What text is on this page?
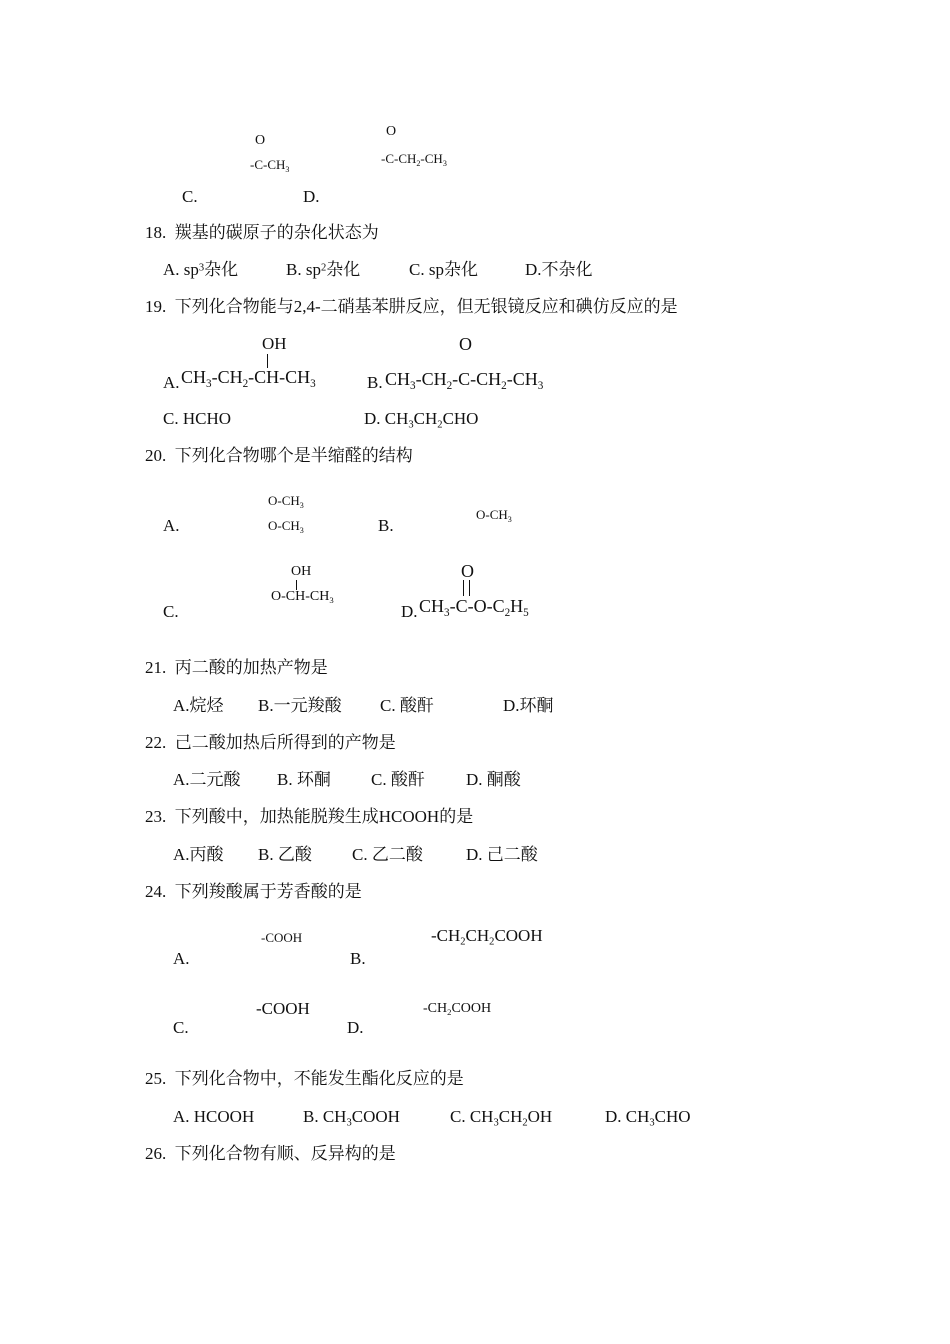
O
$-C-CH_3$
O
$-C-CH_2-CH_3$
C.	D.
18. 羰基的碳原子的杂化状态为
A. $sp^3$杂化	B. $sp^2$杂化	C. sp杂化	D.不杂化
19. 下列化合物能与2,4-二硝基苯肼反应，但无银镜反应和碘仿反应的是
OH
A. $CH_3-CH_2-CH-CH_3$
O
B. $CH_3-CH_2-C-CH_2-CH_3$
C. HCHO	D. $CH_3CH_2CHO$
20. 下列化合物哪个是半缩醛的结构
$O-CH_3$
$O-CH_3$
A.	B.
$O-CH_3$
OH
$O-CH-CH_3$
C.
O
D. $CH_3-C-O-C_2H_5$
21. 丙二酸的加热产物是
A.烷烃 B.一元羧酸 C. 酸酐	D.环酮
22. 己二酸加热后所得到的产物是
A.二元酸 B. 环酮 C. 酸酐 D. 酮酸
23. 下列酸中，加热能脱羧生成HCOOH的是
A.丙酸 B. 乙酸 C. 乙二酸	D. 己二酸
24. 下列羧酸属于芳香酸的是
-COOH	$-CH_2CH_2COOH$
A.	B.
-COOH	$-CH_2COOH$
C.	D.
25. 下列化合物中，不能发生酯化反应的是
A. HCOOH	B. $CH_3COOH$	C. $CH_3CH_2OH$	D. $CH_3CHO$
26. 下列化合物有顺、反异构的是
